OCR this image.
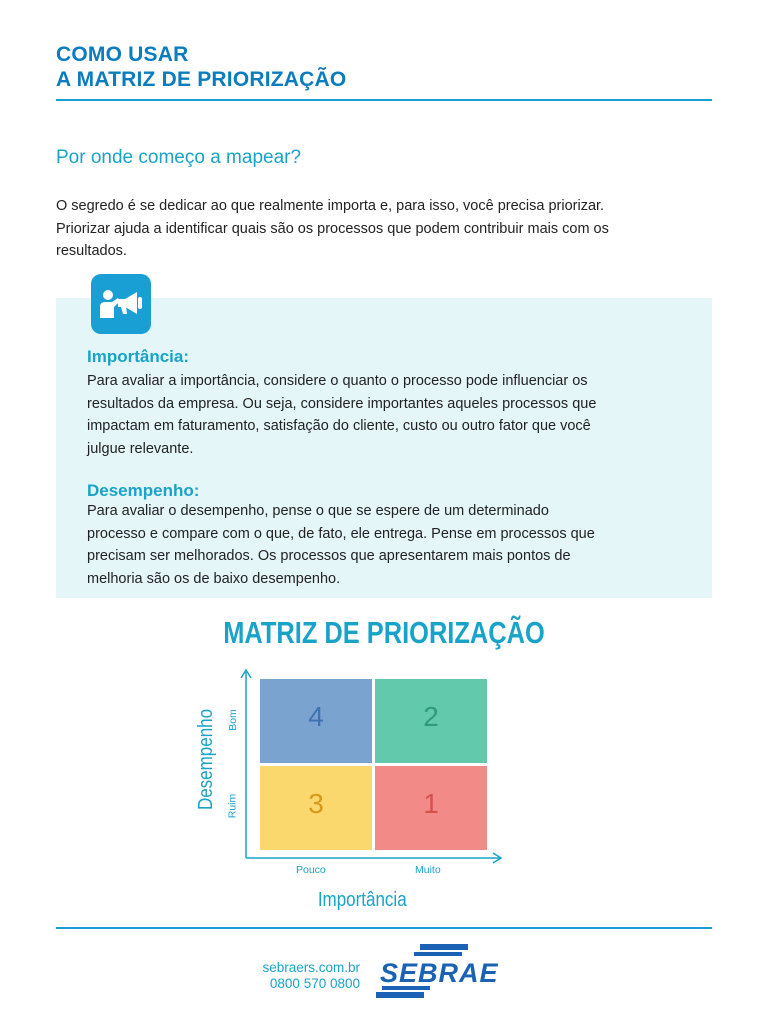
COMO USAR
A MATRIZ DE PRIORIZAÇÃO
Por onde começo a mapear?
O segredo é se dedicar ao que realmente importa e, para isso, você precisa priorizar.
Priorizar ajuda a identificar quais são os processos que podem contribuir mais com os
resultados.
Importância:
Para avaliar a importância, considere o quanto o processo pode influenciar os
resultados da empresa. Ou seja, considere importantes aqueles processos que
impactam em faturamento, satisfação do cliente, custo ou outro fator que você
julgue relevante.
Desempenho:
Para avaliar o desempenho, pense o que se espere de um determinado
processo e compare com o que, de fato, ele entrega. Pense em processos que
precisam ser melhorados. Os processos que apresentarem mais pontos de
melhoria são os de baixo desempenho.
MATRIZ DE PRIORIZAÇÃO
4	2
3	1
Bom
Ruim
Pouco	Muito
Desempenho
Importância
sebraers.com.br
0800 570 0800 SEBRAE
